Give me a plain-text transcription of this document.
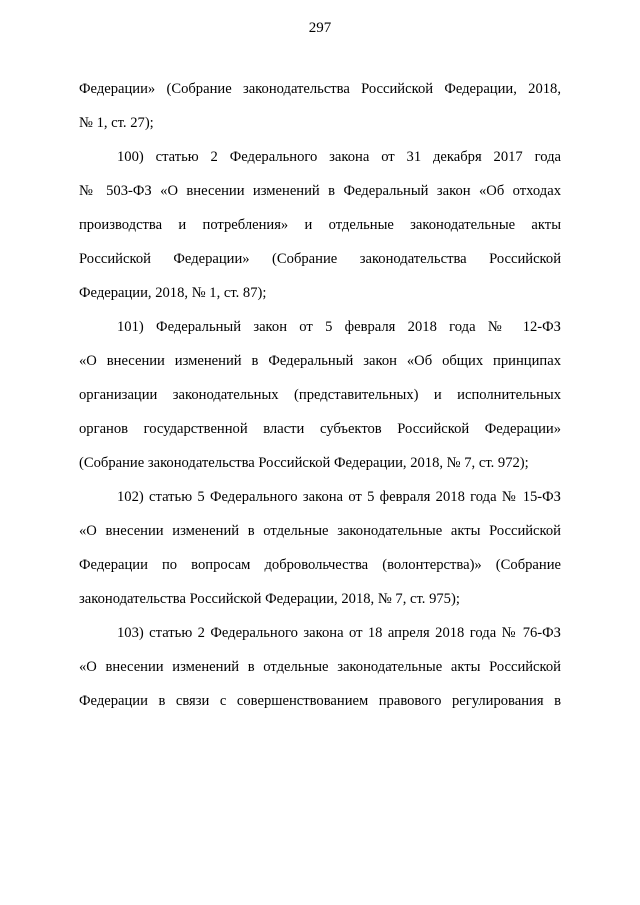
297
Федерации» (Собрание законодательства Российской Федерации, 2018,
№ 1, ст. 27);
100) статью 2 Федерального закона от 31 декабря 2017 года
№ 503-ФЗ «О внесении изменений в Федеральный закон «Об отходах
производства и потребления» и отдельные законодательные акты
Российской Федерации» (Собрание законодательства Российской
Федерации, 2018, № 1, ст. 87);
101) Федеральный закон от 5 февраля 2018 года № 12-ФЗ
«О внесении изменений в Федеральный закон «Об общих принципах
организации законодательных (представительных) и исполнительных
органов государственной власти субъектов Российской Федерации»
(Собрание законодательства Российской Федерации, 2018, № 7, ст. 972);
102) статью 5 Федерального закона от 5 февраля 2018 года № 15-ФЗ
«О внесении изменений в отдельные законодательные акты Российской
Федерации по вопросам добровольчества (волонтерства)» (Собрание
законодательства Российской Федерации, 2018, № 7, ст. 975);
103) статью 2 Федерального закона от 18 апреля 2018 года № 76-ФЗ
«О внесении изменений в отдельные законодательные акты Российской
Федерации в связи с совершенствованием правового регулирования в
